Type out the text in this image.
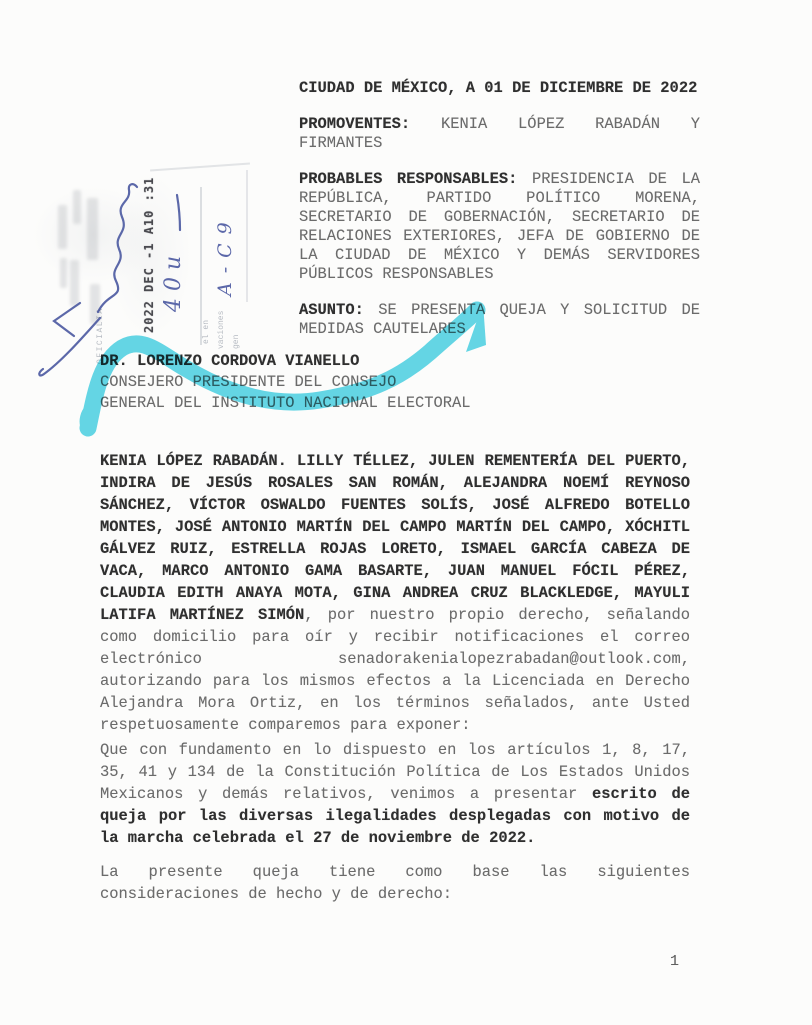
2022 DEC -1 A10 :31 40u A-C9
OFICIALIA	el en vaciones gen
CIUDAD DE MÉXICO, A 01 DE DICIEMBRE DE 2022
PROMOVENTES: KENIA LÓPEZ RABADÁN Y FIRMANTES
PROBABLES RESPONSABLES: PRESIDENCIA DE LA REPÚBLICA, PARTIDO POLÍTICO MORENA, SECRETARIO DE GOBERNACIÓN, SECRETARIO DE RELACIONES EXTERIORES, JEFA DE GOBIERNO DE LA CIUDAD DE MÉXICO Y DEMÁS SERVIDORES PÚBLICOS RESPONSABLES
ASUNTO: SE PRESENTA QUEJA Y SOLICITUD DE MEDIDAS CAUTELARES
DR. LORENZO CORDOVA VIANELLO
CONSEJERO PRESIDENTE DEL CONSEJO
GENERAL DEL INSTITUTO NACIONAL ELECTORAL
KENIA LÓPEZ RABADÁN. LILLY TÉLLEZ, JULEN REMENTERÍA DEL PUERTO, INDIRA DE JESÚS ROSALES SAN ROMÁN, ALEJANDRA NOEMÍ REYNOSO SÁNCHEZ, VÍCTOR OSWALDO FUENTES SOLÍS, JOSÉ ALFREDO BOTELLO MONTES, JOSÉ ANTONIO MARTÍN DEL CAMPO MARTÍN DEL CAMPO, XÓCHITL GÁLVEZ RUIZ, ESTRELLA ROJAS LORETO, ISMAEL GARCÍA CABEZA DE VACA, MARCO ANTONIO GAMA BASARTE, JUAN MANUEL FÓCIL PÉREZ, CLAUDIA EDITH ANAYA MOTA, GINA ANDREA CRUZ BLACKLEDGE, MAYULI LATIFA MARTÍNEZ SIMÓN, por nuestro propio derecho, señalando como domicilio para oír y recibir notificaciones el correo
electrónico	senadorakenialopezrabadan@outlook.com,
autorizando para los mismos efectos a la Licenciada en Derecho Alejandra Mora Ortiz, en los términos señalados, ante Usted respetuosamente comparemos para exponer:
Que con fundamento en lo dispuesto en los artículos 1, 8, 17, 35, 41 y 134 de la Constitución Política de Los Estados Unidos Mexicanos y demás relativos, venimos a presentar escrito de queja por las diversas ilegalidades desplegadas con motivo de la marcha celebrada el 27 de noviembre de 2022.
La presente queja tiene como base las siguientes
consideraciones de hecho y de derecho:
1
